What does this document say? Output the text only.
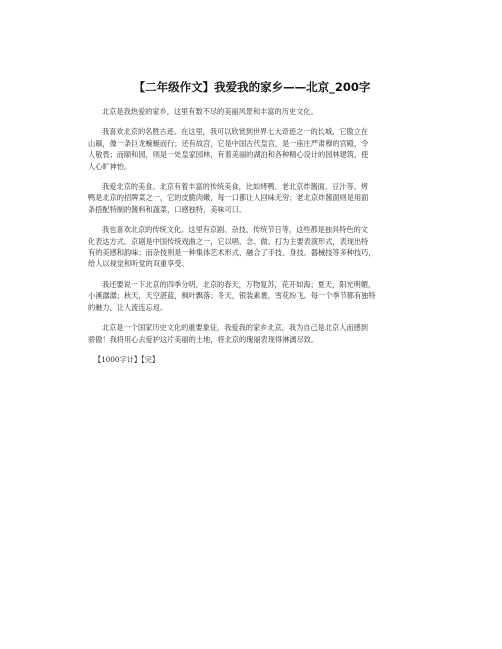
【二年级作文】我爱我的家乡——北京_200字
北京是我热爱的家乡，这里有数不尽的美丽风景和丰富的历史文化。
我喜欢北京的名胜古迹。在这里，我可以欣赏到世界七大奇迹之一的长城，它傲立在
山巅，像一条巨龙蜿蜒而行；还有故宫，它是中国古代皇宫，是一座庄严肃穆的宫殿，令
人敬畏；而颐和园，则是一处皇家园林，有着美丽的湖泊和各种精心设计的园林建筑，使
人心旷神怡。
我爱北京的美食。北京有着丰富的传统美食，比如烤鸭、老北京炸酱面、豆汁等。烤
鸭是北京的招牌菜之一，它的皮脆肉嫩，每一口都让人回味无穷；老北京炸酱面则是用面
条搭配特制的酱料和蔬菜，口感独特，美味可口。
我也喜欢北京的传统文化。这里有京剧、杂技、传统节日等，这些都是独具特色的文
化表达方式。京剧是中国传统戏曲之一，它以唱、念、做、打为主要表演形式，表现出特
有的美感和韵味；而杂技则是一种集体艺术形式，融合了手技、身技、器械技等多种技巧，
给人以视觉和听觉的双重享受。
我还要说一下北京的四季分明。北京的春天，万物复苏，花开如海；夏天，阳光明媚，
小溪潺潺；秋天，天空湛蓝，枫叶飘落；冬天，银装素裹，雪花纷飞。每一个季节都有独特
的魅力，让人流连忘返。
北京是一个国家历史文化的重要象征，我爱我的家乡北京，我为自己是北京人而感到
骄傲！我将用心去爱护这片美丽的土地，将北京的瑰丽表现得淋漓尽致。
【1000字计】【完】
